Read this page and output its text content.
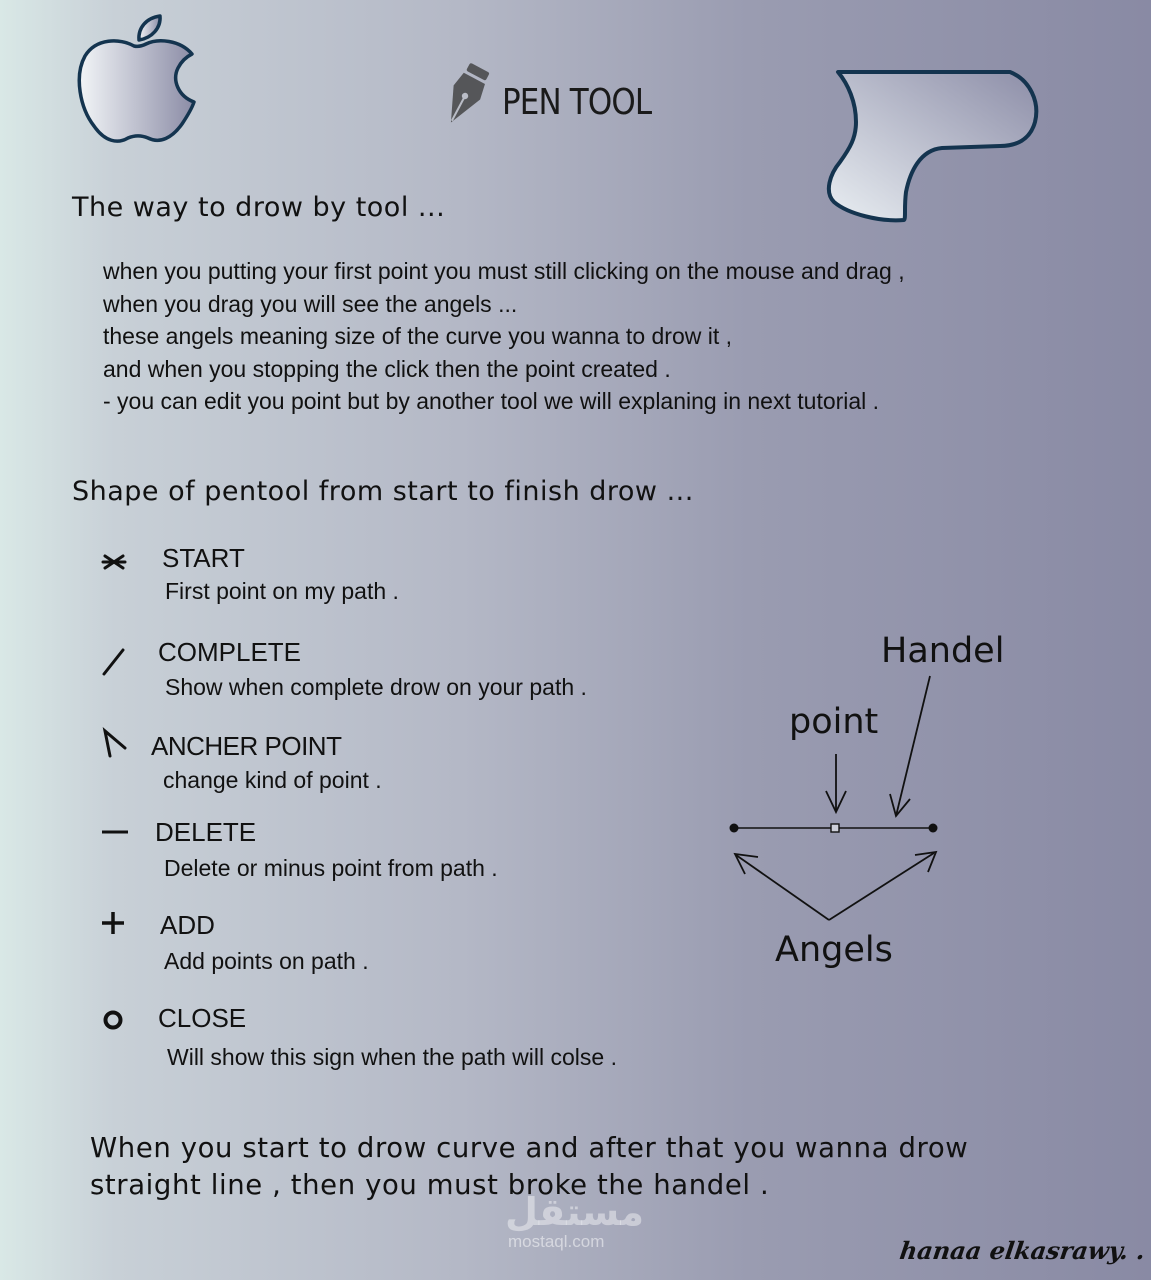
PEN TOOL
The way to drow by tool ...
when you putting your first point you must still clicking on the mouse and drag ,
when you drag you will see the angels ...
these angels meaning size of the curve you wanna to drow it ,
and when you stopping the click then the point created .
- you can edit you point but by another tool we will explaning in next tutorial .
Shape of pentool from start to finish drow ...
START
First point on my path .
COMPLETE
Show when complete drow on your path .
ANCHER POINT
change kind of point .
DELETE
Delete or minus point from path .
ADD
Add points on path .
CLOSE
Will show this sign when the path will colse .
Handel
point
Angels
When you start to drow curve and after that you wanna drow
straight line , then you must broke the handel .
مستقل
mostaql.com	hanaa elkasrawy. .
